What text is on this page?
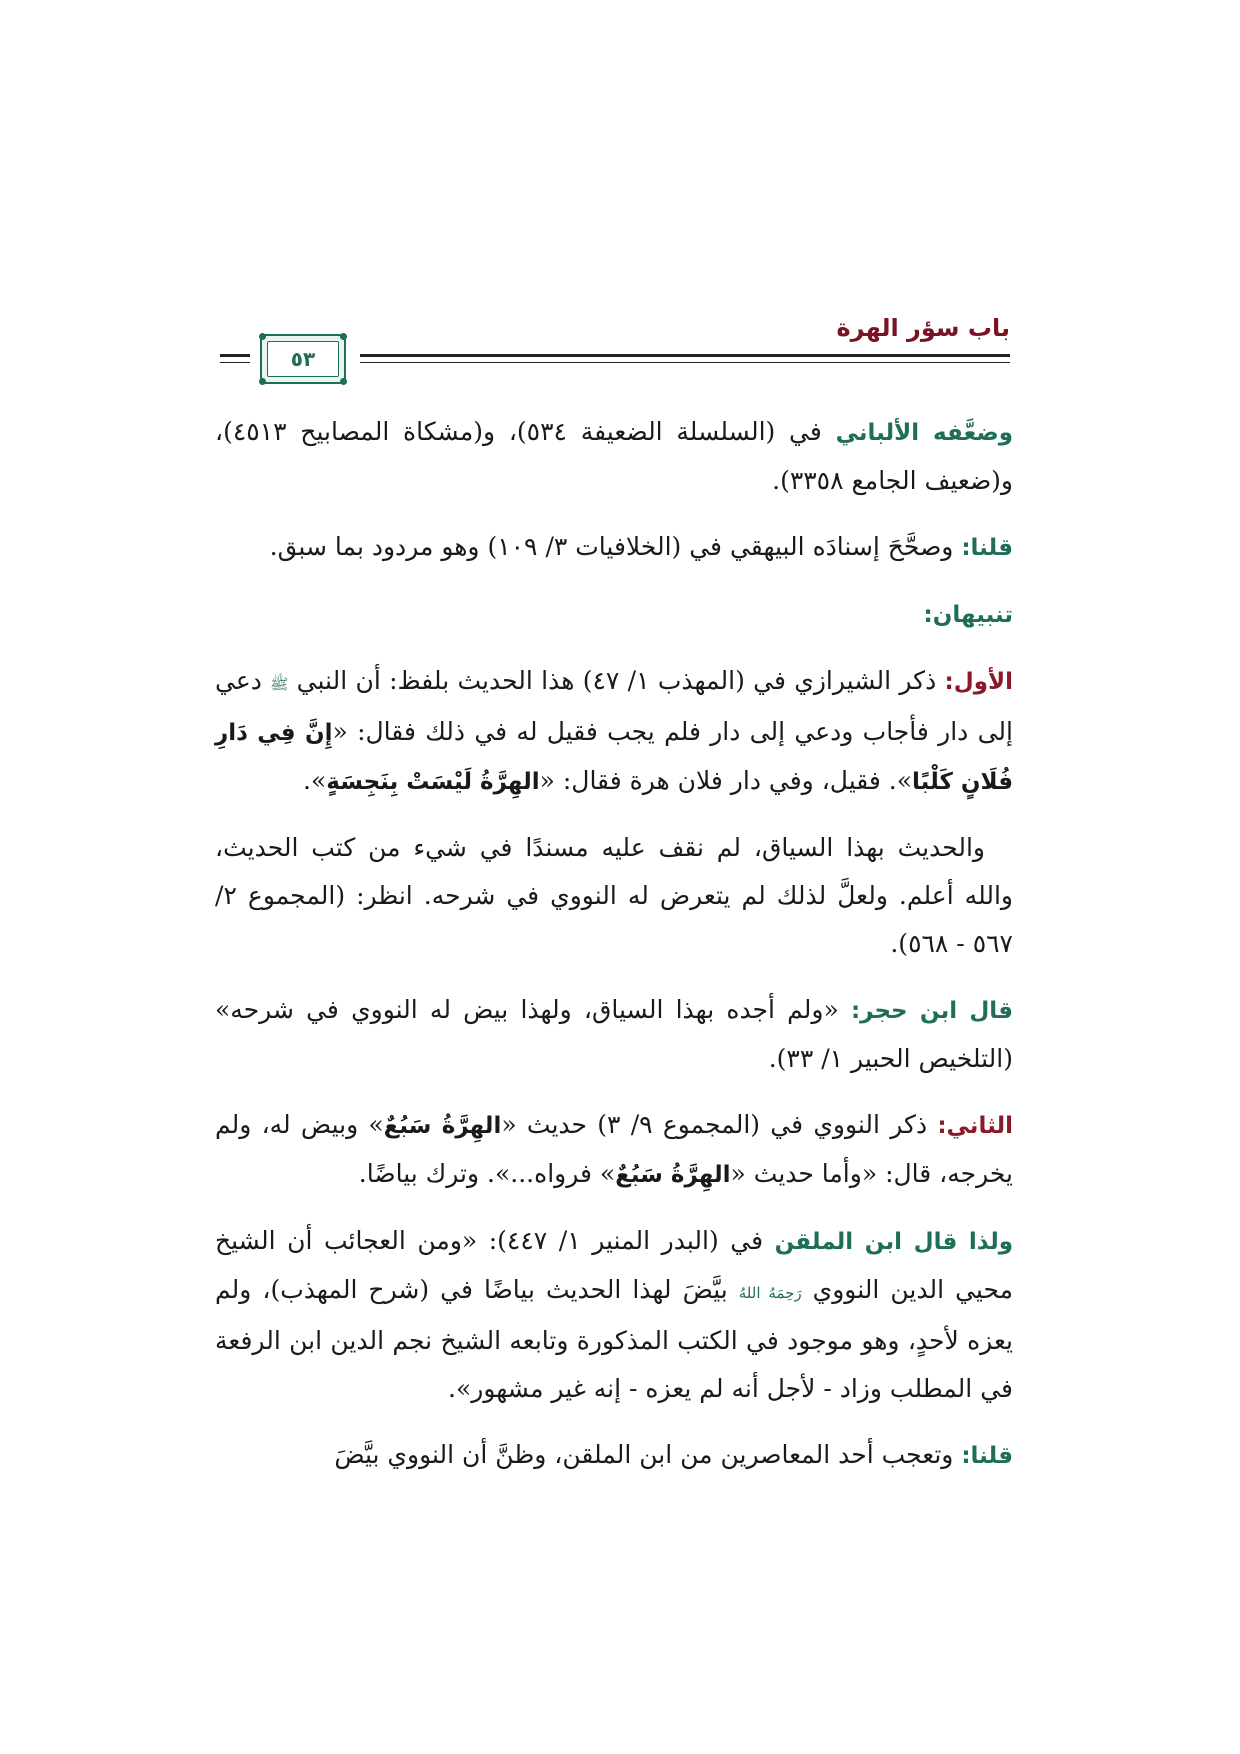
باب سؤر الهرة
٥٣

وضعَّفه الألباني في (السلسلة الضعيفة ٥٣٤)، و(مشكاة المصابيح ٤٥١٣)، و(ضعيف الجامع ٣٣٥٨).

قلنا: وصحَّحَ إسنادَه البيهقي في (الخلافيات ٣/ ١٠٩) وهو مردود بما سبق.

تنبيهان:

الأول: ذكر الشيرازي في (المهذب ١/ ٤٧) هذا الحديث بلفظ: أن النبي ﷺ دعي إلى دار فأجاب ودعي إلى دار فلم يجب فقيل له في ذلك فقال: «إِنَّ فِي دَارِ فُلَانٍ كَلْبًا». فقيل، وفي دار فلان هرة فقال: «الهِرَّةُ لَيْسَتْ بِنَجِسَةٍ».

والحديث بهذا السياق، لم نقف عليه مسندًا في شيء من كتب الحديث، والله أعلم. ولعلَّ لذلك لم يتعرض له النووي في شرحه. انظر: (المجموع ٢/ ٥٦٧ - ٥٦٨).

قال ابن حجر: «ولم أجده بهذا السياق، ولهذا بيض له النووي في شرحه» (التلخيص الحبير ١/ ٣٣).

الثاني: ذكر النووي في (المجموع ٩/ ٣) حديث «الهِرَّةُ سَبُعٌ» وبيض له، ولم يخرجه، قال: «وأما حديث «الهِرَّةُ سَبُعٌ» فرواه...». وترك بياضًا.

ولذا قال ابن الملقن في (البدر المنير ١/ ٤٤٧): «ومن العجائب أن الشيخ محيي الدين النووي رَحِمَهُ اللهُ بيَّضَ لهذا الحديث بياضًا في (شرح المهذب)، ولم يعزه لأحدٍ، وهو موجود في الكتب المذكورة وتابعه الشيخ نجم الدين ابن الرفعة في المطلب وزاد - لأجل أنه لم يعزه - إنه غير مشهور».

قلنا: وتعجب أحد المعاصرين من ابن الملقن، وظنَّ أن النووي بيَّضَ
